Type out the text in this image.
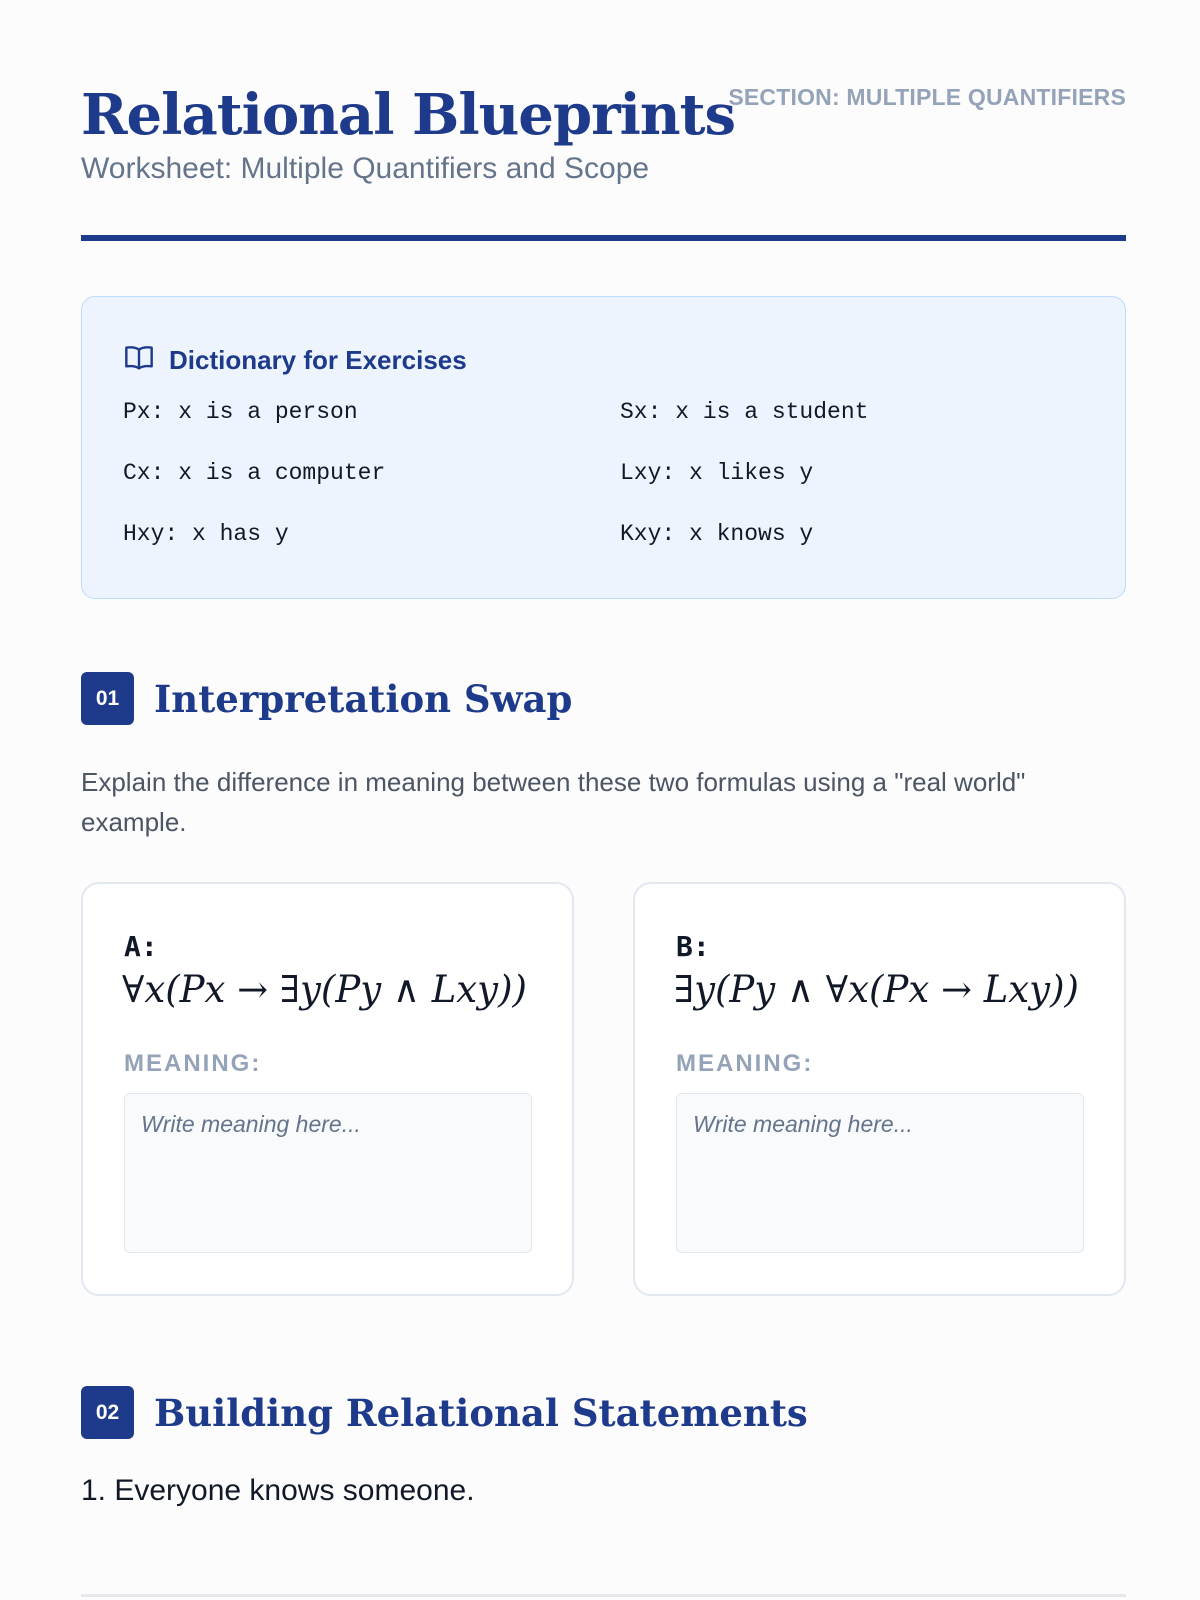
Relational Blueprints
Worksheet: Multiple Quantifiers and Scope
SECTION: MULTIPLE QUANTIFIERS
Dictionary for Exercises
Px: x is a person	Sx: x is a student
Cx: x is a computer	Lxy: x likes y
Hxy: x has y	Kxy: x knows y
01 Interpretation Swap
Explain the difference in meaning between these two formulas using a "real world" example.
A:
∀x(Px → ∃y(Py ∧ Lxy))
MEANING:
Write meaning here...
B:
∃y(Py ∧ ∀x(Px → Lxy))
MEANING:
Write meaning here...
02 Building Relational Statements
1. Everyone knows someone.
